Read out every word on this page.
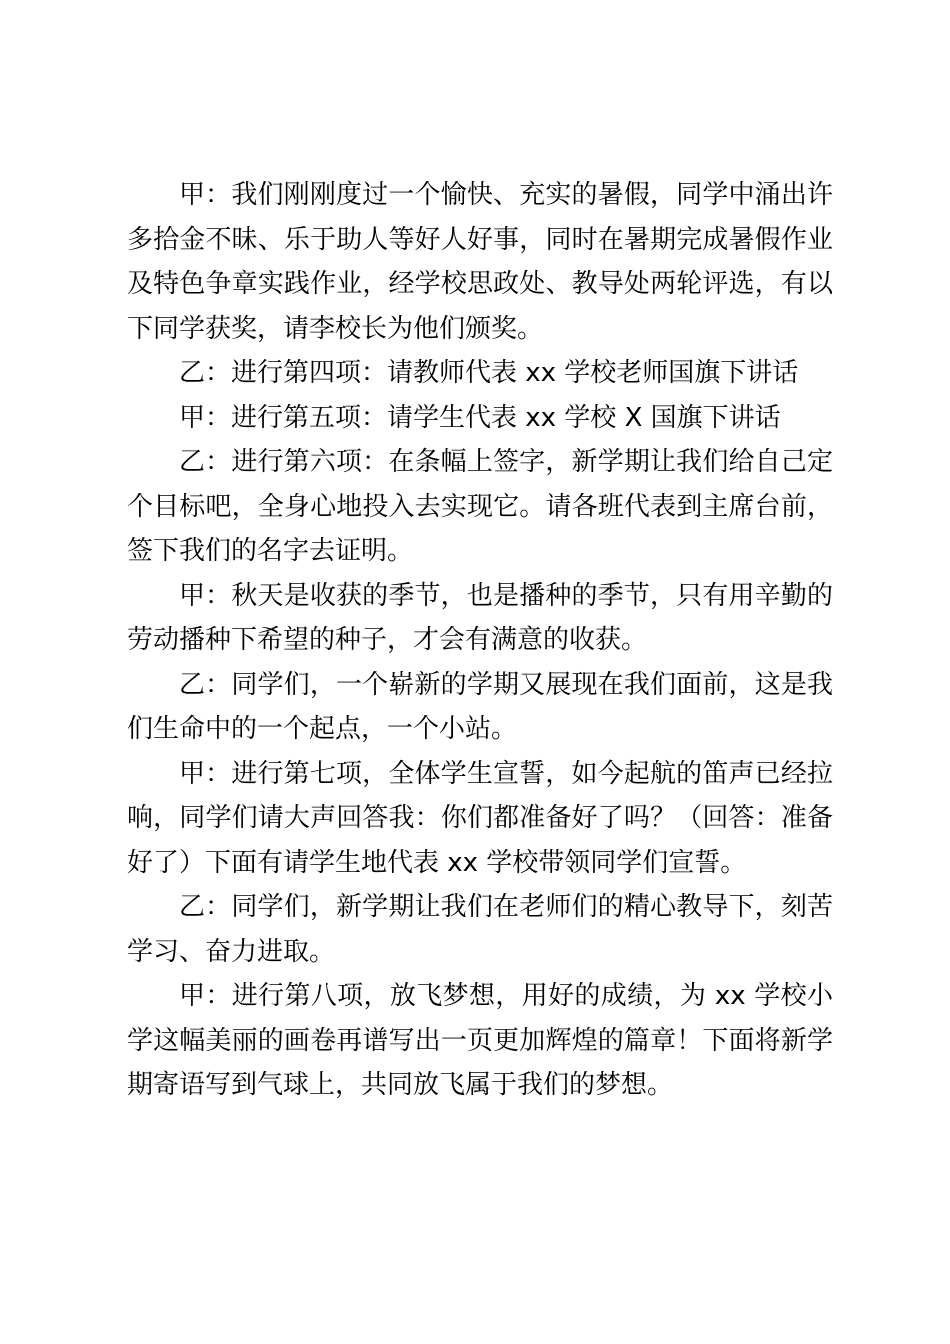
甲：我们刚刚度过一个愉快、充实的暑假，同学中涌出许多拾金不昧、乐于助人等好人好事，同时在暑期完成暑假作业及特色争章实践作业，经学校思政处、教导处两轮评选，有以下同学获奖，请李校长为他们颁奖。

乙：进行第四项：请教师代表 xx 学校老师国旗下讲话

甲：进行第五项：请学生代表 xx 学校 X 国旗下讲话

乙：进行第六项：在条幅上签字，新学期让我们给自己定个目标吧，全身心地投入去实现它。请各班代表到主席台前，签下我们的名字去证明。

甲：秋天是收获的季节，也是播种的季节，只有用辛勤的劳动播种下希望的种子，才会有满意的收获。

乙：同学们，一个崭新的学期又展现在我们面前，这是我们生命中的一个起点，一个小站。

甲：进行第七项，全体学生宣誓，如今起航的笛声已经拉响，同学们请大声回答我：你们都准备好了吗？（回答：准备好了）下面有请学生地代表 xx 学校带领同学们宣誓。

乙：同学们，新学期让我们在老师们的精心教导下，刻苦学习、奋力进取。

甲：进行第八项，放飞梦想，用好的成绩，为 xx 学校小学这幅美丽的画卷再谱写出一页更加辉煌的篇章！下面将新学期寄语写到气球上，共同放飞属于我们的梦想。
